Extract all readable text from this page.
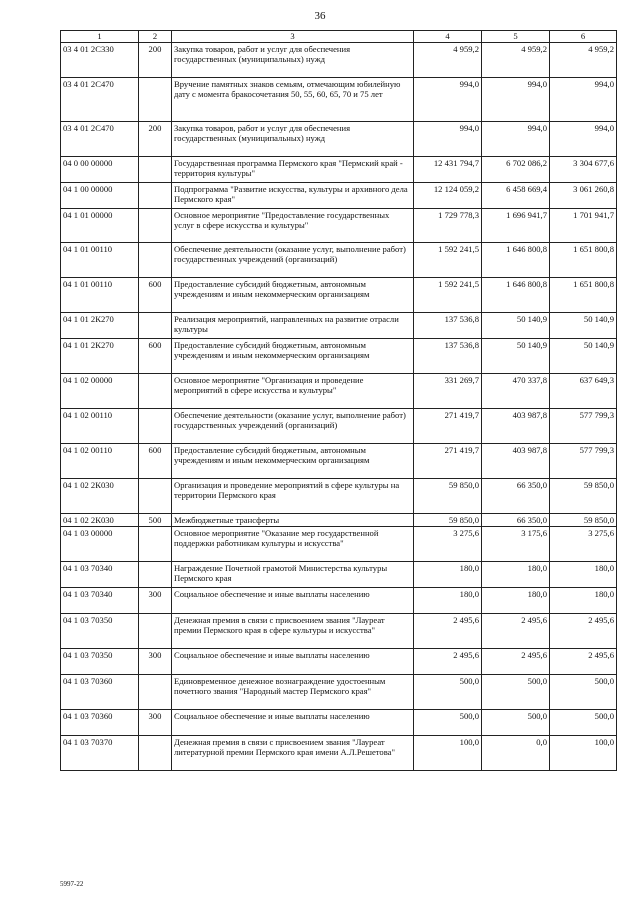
36
1	2	3	4	5	6
03 4 01 2С330	200	Закупка товаров, работ и услуг для обеспечения государственных (муниципальных) нужд	4 959,2	4 959,2	4 959,2
03 4 01 2С470		Вручение памятных знаков семьям, отмечающим юбилейную дату с момента бракосочетания 50, 55, 60, 65, 70 и 75 лет	994,0	994,0	994,0
03 4 01 2С470	200	Закупка товаров, работ и услуг для обеспечения государственных (муниципальных) нужд	994,0	994,0	994,0
04 0 00 00000		Государственная программа Пермского края "Пермский край - территория культуры"	12 431 794,7	6 702 086,2	3 304 677,6
04 1 00 00000		Подпрограмма "Развитие искусства, культуры и архивного дела Пермского края"	12 124 059,2	6 458 669,4	3 061 260,8
04 1 01 00000		Основное мероприятие "Предоставление государственных услуг в сфере искусства и культуры"	1 729 778,3	1 696 941,7	1 701 941,7
04 1 01 00110		Обеспечение деятельности (оказание услуг, выполнение работ) государственных учреждений (организаций)	1 592 241,5	1 646 800,8	1 651 800,8
04 1 01 00110	600	Предоставление субсидий бюджетным, автономным учреждениям и иным некоммерческим организациям	1 592 241,5	1 646 800,8	1 651 800,8
04 1 01 2К270		Реализация мероприятий, направленных на развитие отрасли культуры	137 536,8	50 140,9	50 140,9
04 1 01 2К270	600	Предоставление субсидий бюджетным, автономным учреждениям и иным некоммерческим организациям	137 536,8	50 140,9	50 140,9
04 1 02 00000		Основное мероприятие "Организация и проведение мероприятий в сфере искусства и культуры"	331 269,7	470 337,8	637 649,3
04 1 02 00110		Обеспечение деятельности (оказание услуг, выполнение работ) государственных учреждений (организаций)	271 419,7	403 987,8	577 799,3
04 1 02 00110	600	Предоставление субсидий бюджетным, автономным учреждениям и иным некоммерческим организациям	271 419,7	403 987,8	577 799,3
04 1 02 2К030		Организация и проведение мероприятий в сфере культуры на территории Пермского края	59 850,0	66 350,0	59 850,0
04 1 02 2К030	500	Межбюджетные трансферты	59 850,0	66 350,0	59 850,0
04 1 03 00000		Основное мероприятие "Оказание мер государственной поддержки работникам культуры и искусства"	3 275,6	3 175,6	3 275,6
04 1 03 70340		Награждение Почетной грамотой Министерства культуры Пермского края	180,0	180,0	180,0
04 1 03 70340	300	Социальное обеспечение и иные выплаты населению	180,0	180,0	180,0
04 1 03 70350		Денежная премия в связи с присвоением звания "Лауреат премии Пермского края в сфере культуры и искусства"	2 495,6	2 495,6	2 495,6
04 1 03 70350	300	Социальное обеспечение и иные выплаты населению	2 495,6	2 495,6	2 495,6
04 1 03 70360		Единовременное денежное вознаграждение удостоенным почетного звания "Народный мастер Пермского края"	500,0	500,0	500,0
04 1 03 70360	300	Социальное обеспечение и иные выплаты населению	500,0	500,0	500,0
04 1 03 70370		Денежная премия в связи с присвоением звания "Лауреат литературной премии Пермского края имени А.Л.Решетова"	100,0	0,0	100,0
5997-22
